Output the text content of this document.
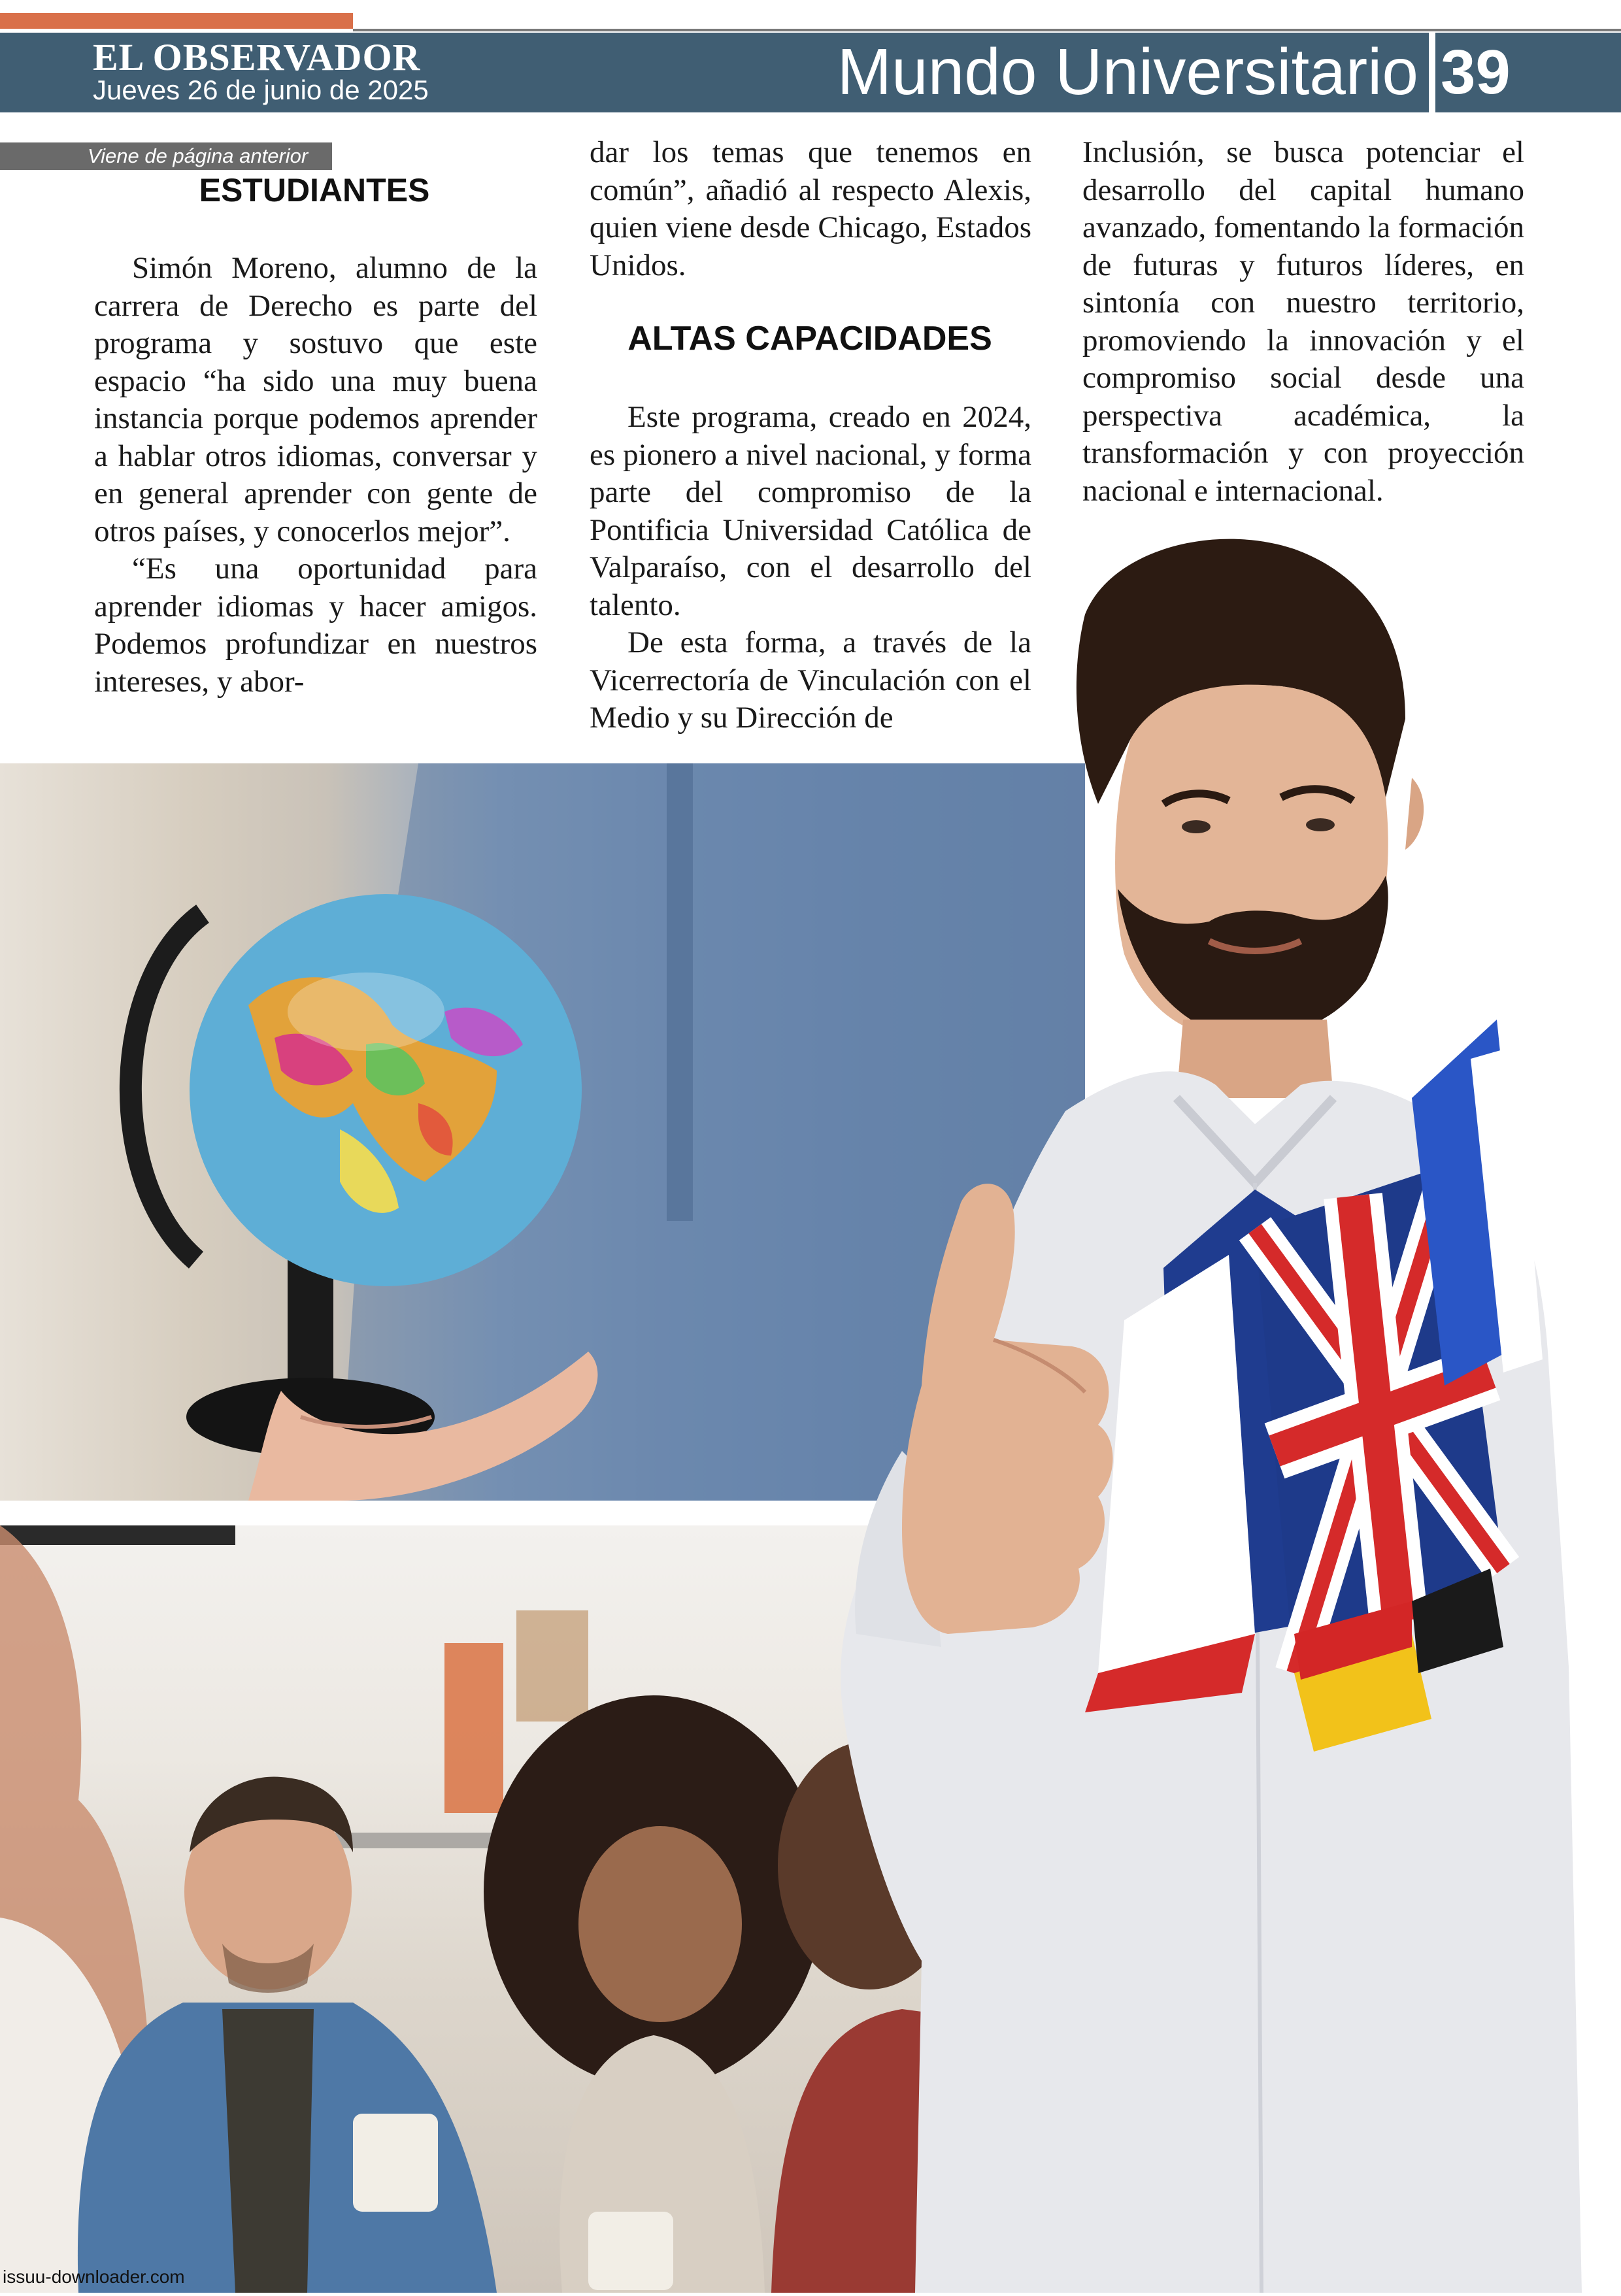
EL OBSERVADOR
Jueves 26 de junio de 2025	Mundo Universitario 39
Viene de página anterior
ESTUDIANTES
ALTAS CAPACIDADES

Simón Moreno, alumno de la carrera de Derecho es parte del programa y sostuvo que este espacio “ha sido una muy buena instancia porque podemos aprender a hablar otros idiomas, conversar y en general aprender con gente de otros países, y conocerlos mejor”.

“Es una oportunidad para aprender idiomas y hacer amigos. Podemos profundizar en nuestros intereses, y abor-

dar los temas que tenemos en común”, añadió al respecto Alexis, quien viene desde Chicago, Estados Unidos.

Este programa, creado en 2024, es pionero a nivel nacional, y forma parte del compromiso de la Pontificia Universidad Católica de Valparaíso, con el desarrollo del talento.

De esta forma, a través de la Vicerrectoría de Vinculación con el Medio y su Dirección de

Inclusión, se busca potenciar el desarrollo del capital humano avanzado, fomentando la formación de futuras y futuros líderes, en sintonía con nuestro territorio, promoviendo la innovación y el compromiso social desde una perspectiva académica, la transformación y con proyección nacional e internacional.

issuu-downloader.com
